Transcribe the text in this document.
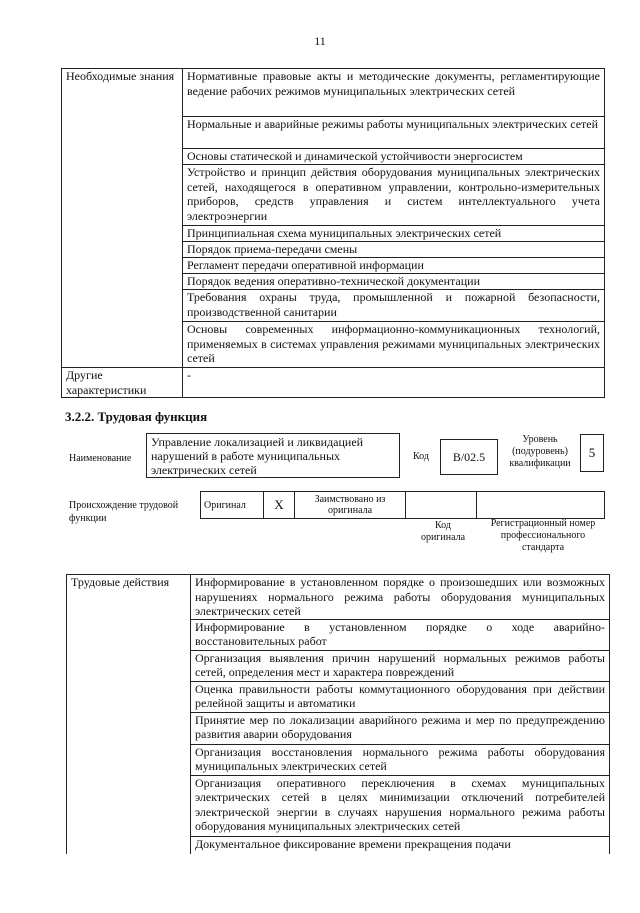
11
Необходимые знания	Нормативные правовые акты и методические документы, регламентирующие ведение рабочих режимов муниципальных электрических сетей
	Нормальные и аварийные режимы работы муниципальных электрических сетей
	Основы статической и динамической устойчивости энергосистем
	Устройство и принцип действия оборудования муниципальных электрических сетей, находящегося в оперативном управлении, контрольно-измерительных приборов, средств управления и систем интеллектуального учета электроэнергии
	Принципиальная схема муниципальных электрических сетей
	Порядок приема-передачи смены
	Регламент передачи оперативной информации
	Порядок ведения оперативно-технической документации
	Требования охраны труда, промышленной и пожарной безопасности, производственной санитарии
	Основы современных информационно-коммуникационных технологий, применяемых в системах управления режимами муниципальных электрических сетей
Другие характеристики	-
3.2.2. Трудовая функция
Наименование
Управление локализацией и ликвидацией нарушений в работе муниципальных электрических сетей
Код	B/02.5
Уровень (подуровень) квалификации
5
Происхождение трудовой функции
Оригинал	X	Заимствовано из оригинала		
Код оригинала
Регистрационный номер профессионального стандарта
Трудовые действия	Информирование в установленном порядке о произошедших или возможных нарушениях нормального режима работы оборудования муниципальных электрических сетей
Информирование в установленном порядке о ходе аварийно-восстановительных работ
Организация выявления причин нарушений нормальных режимов работы сетей, определения мест и характера повреждений
Оценка правильности работы коммутационного оборудования при действии релейной защиты и автоматики
Принятие мер по локализации аварийного режима и мер по предупреждению развития аварии оборудования
Организация восстановления нормального режима работы оборудования муниципальных электрических сетей
Организация оперативного переключения в схемах муниципальных электрических сетей в целях минимизации отключений потребителей электрической энергии в случаях нарушения нормального режима работы оборудования муниципальных электрических сетей
Документальное фиксирование времени прекращения подачи
